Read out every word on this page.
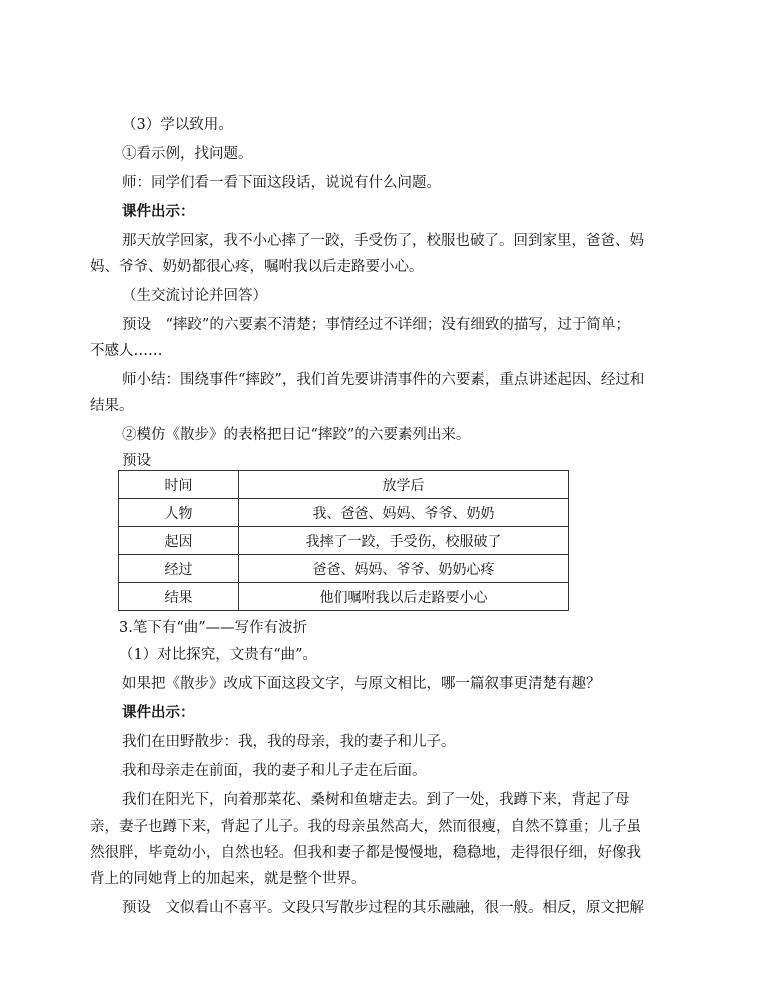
（3）学以致用。
①看示例，找问题。
师：同学们看一看下面这段话，说说有什么问题。
课件出示：
那天放学回家，我不小心摔了一跤，手受伤了，校服也破了。回到家里，爸爸、妈
妈、爷爷、奶奶都很心疼，嘱咐我以后走路要小心。
（生交流讨论并回答）
预设　“摔跤”的六要素不清楚；事情经过不详细；没有细致的描写，过于简单；
不感人……
师小结：围绕事件“摔跤”，我们首先要讲清事件的六要素，重点讲述起因、经过和
结果。
②模仿《散步》的表格把日记“摔跤”的六要素列出来。
预设
时间	放学后
人物	我、爸爸、妈妈、爷爷、奶奶
起因	我摔了一跤，手受伤，校服破了
经过	爸爸、妈妈、爷爷、奶奶心疼
结果	他们嘱咐我以后走路要小心
3.笔下有“曲”——写作有波折
（1）对比探究，文贵有“曲”。
如果把《散步》改成下面这段文字，与原文相比，哪一篇叙事更清楚有趣？
课件出示：
我们在田野散步：我，我的母亲，我的妻子和儿子。
我和母亲走在前面，我的妻子和儿子走在后面。
我们在阳光下，向着那菜花、桑树和鱼塘走去。到了一处，我蹲下来，背起了母
亲，妻子也蹲下来，背起了儿子。我的母亲虽然高大，然而很瘦，自然不算重；儿子虽
然很胖，毕竟幼小，自然也轻。但我和妻子都是慢慢地，稳稳地，走得很仔细，好像我
背上的同她背上的加起来，就是整个世界。
预设　文似看山不喜平。文段只写散步过程的其乐融融，很一般。相反，原文把解
